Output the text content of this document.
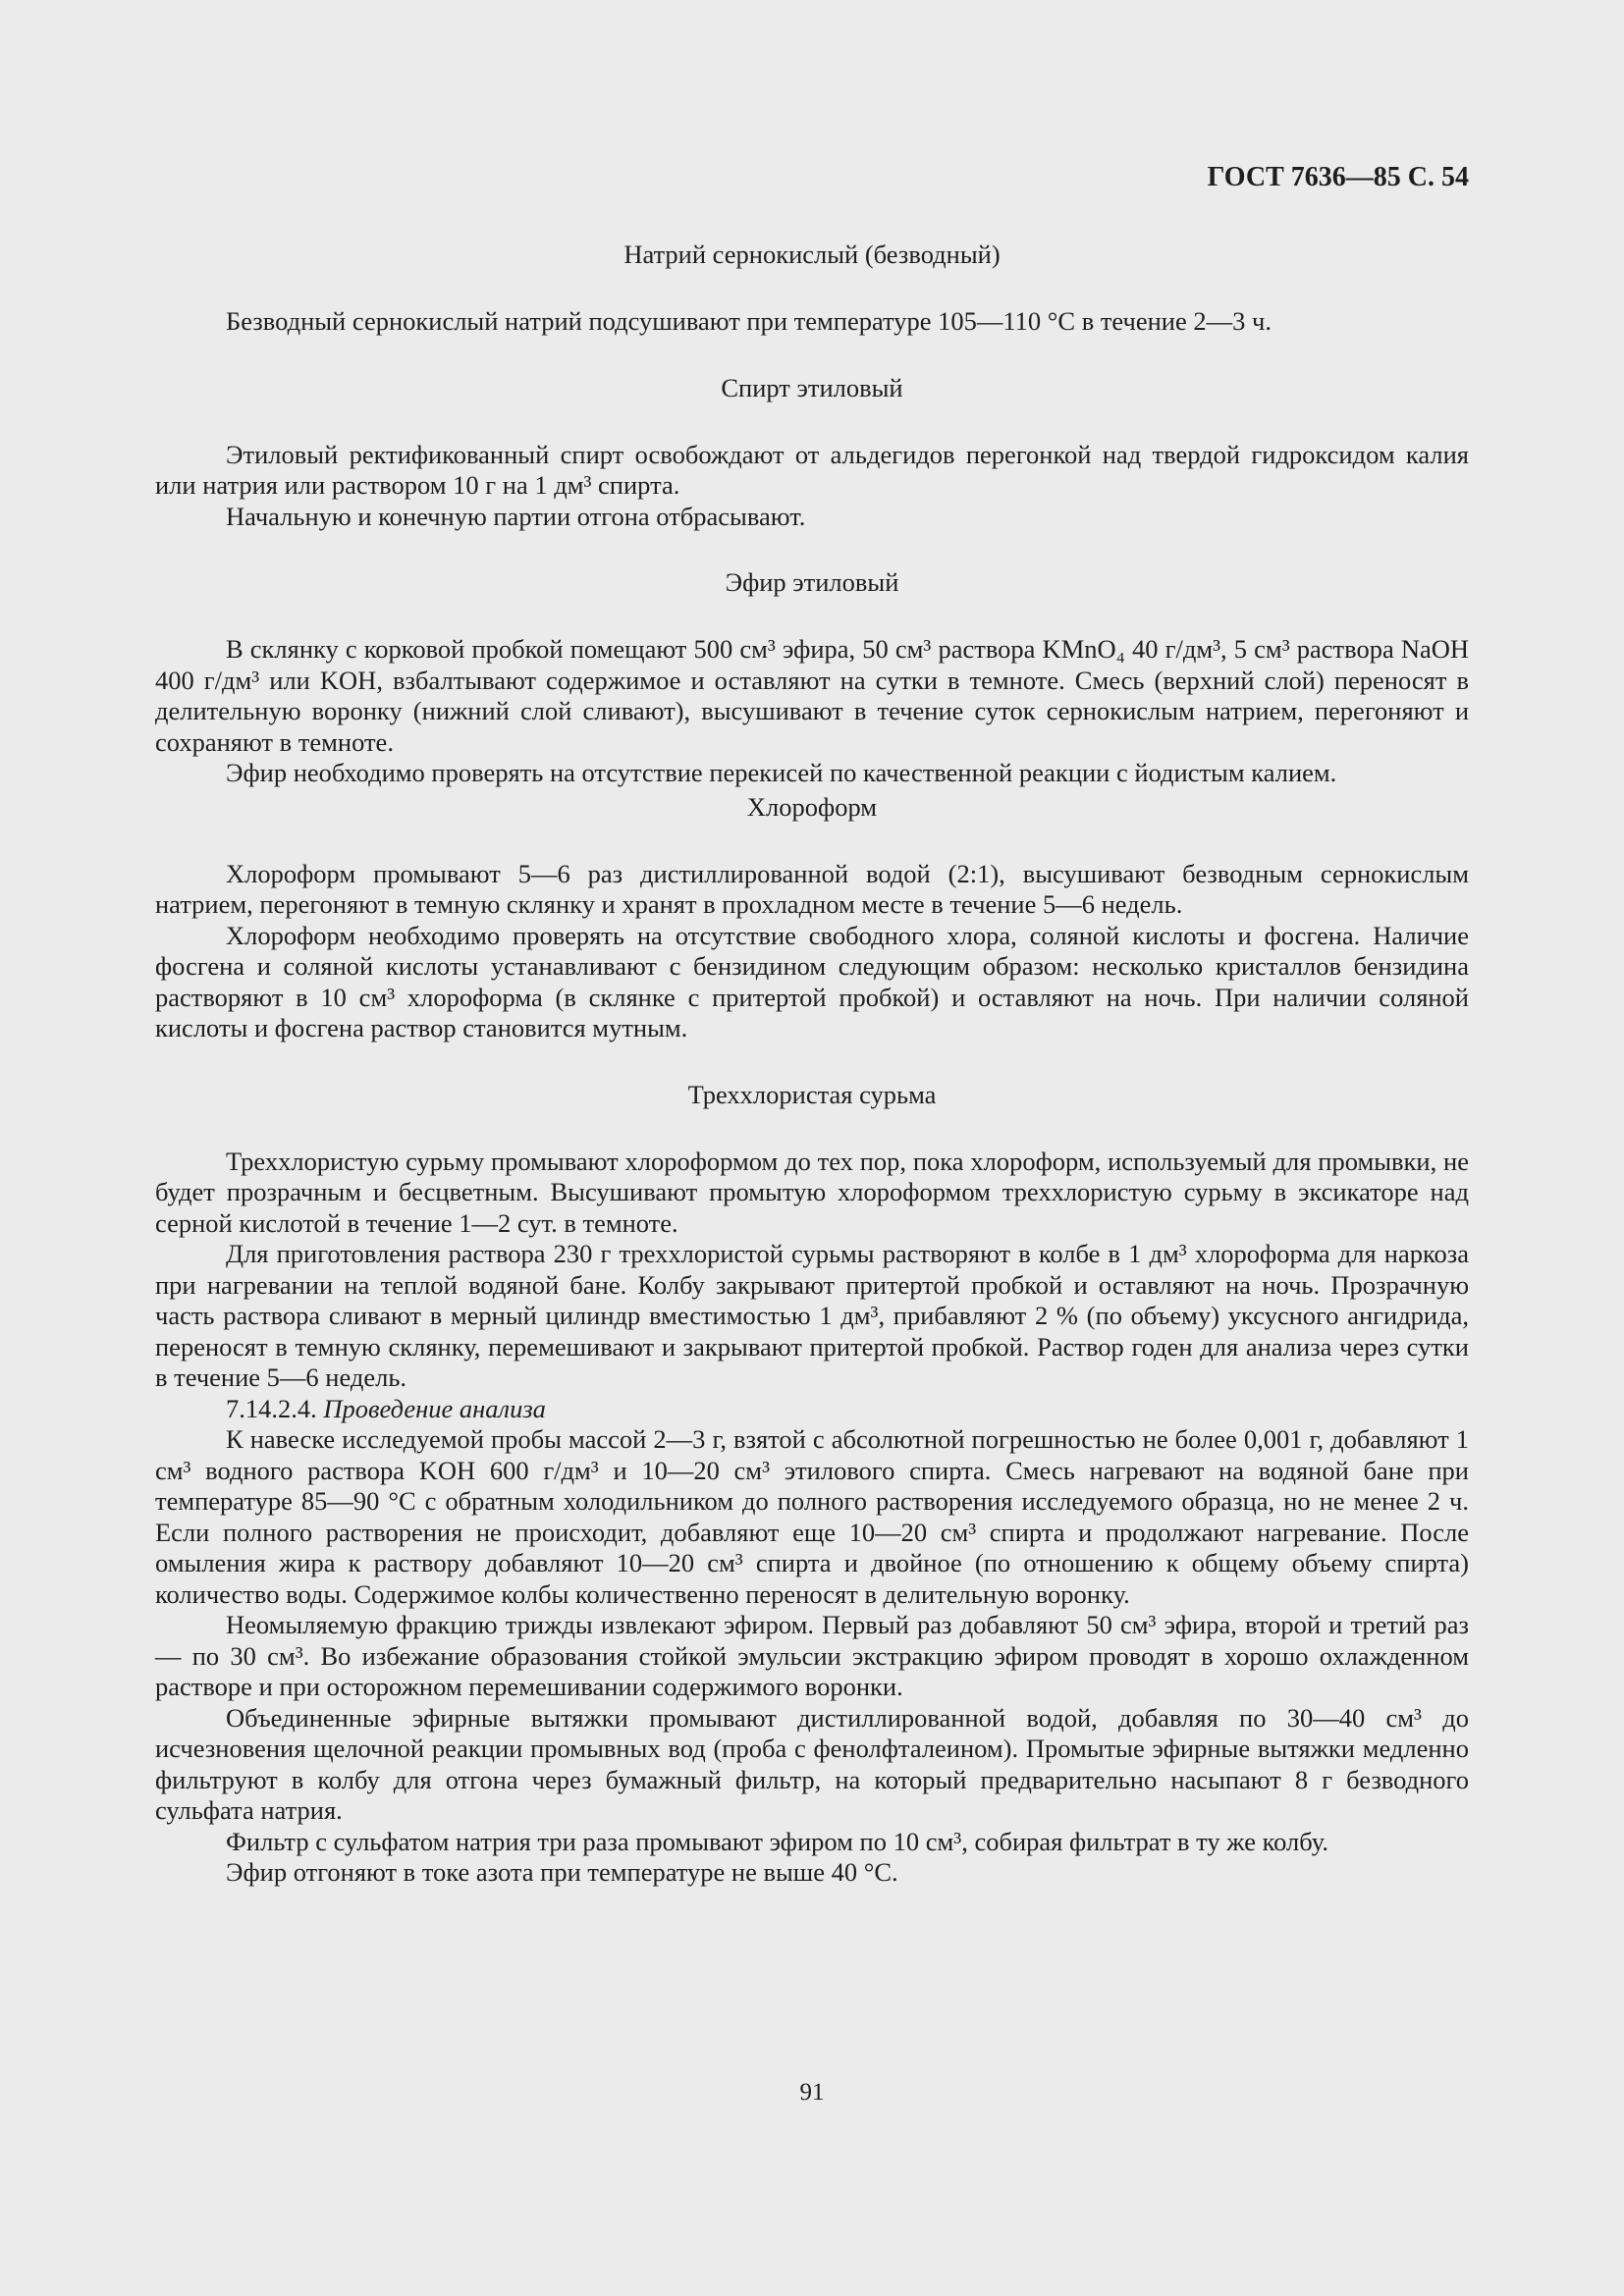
ГОСТ 7636—85 С. 54
Натрий сернокислый (безводный)

Безводный сернокислый натрий подсушивают при температуре 105—110 °С в течение 2—3 ч.

Спирт этиловый

Этиловый ректификованный спирт освобождают от альдегидов перегонкой над твердой гидроксидом калия или натрия или раствором 10 г на 1 дм³ спирта.

Начальную и конечную партии отгона отбрасывают.

Эфир этиловый

В склянку с корковой пробкой помещают 500 см³ эфира, 50 см³ раствора KMnO₄ 40 г/дм³, 5 см³ раствора NaOH 400 г/дм³ или KOH, взбалтывают содержимое и оставляют на сутки в темноте. Смесь (верхний слой) переносят в делительную воронку (нижний слой сливают), высушивают в течение суток сернокислым натрием, перегоняют и сохраняют в темноте.

Эфир необходимо проверять на отсутствие перекисей по качественной реакции с йодистым калием.

Хлороформ

Хлороформ промывают 5—6 раз дистиллированной водой (2:1), высушивают безводным сернокислым натрием, перегоняют в темную склянку и хранят в прохладном месте в течение 5—6 недель.

Хлороформ необходимо проверять на отсутствие свободного хлора, соляной кислоты и фосгена. Наличие фосгена и соляной кислоты устанавливают с бензидином следующим образом: несколько кристаллов бензидина растворяют в 10 см³ хлороформа (в склянке с притертой пробкой) и оставляют на ночь. При наличии соляной кислоты и фосгена раствор становится мутным.

Треххлористая сурьма

Треххлористую сурьму промывают хлороформом до тех пор, пока хлороформ, используемый для промывки, не будет прозрачным и бесцветным. Высушивают промытую хлороформом треххлористую сурьму в эксикаторе над серной кислотой в течение 1—2 сут. в темноте.

Для приготовления раствора 230 г треххлористой сурьмы растворяют в колбе в 1 дм³ хлороформа для наркоза при нагревании на теплой водяной бане. Колбу закрывают притертой пробкой и оставляют на ночь. Прозрачную часть раствора сливают в мерный цилиндр вместимостью 1 дм³, прибавляют 2 % (по объему) уксусного ангидрида, переносят в темную склянку, перемешивают и закрывают притертой пробкой. Раствор годен для анализа через сутки в течение 5—6 недель.

7.14.2.4. Проведение анализа

К навеске исследуемой пробы массой 2—3 г, взятой с абсолютной погрешностью не более 0,001 г, добавляют 1 см³ водного раствора KOH 600 г/дм³ и 10—20 см³ этилового спирта. Смесь нагревают на водяной бане при температуре 85—90 °С с обратным холодильником до полного растворения исследуемого образца, но не менее 2 ч. Если полного растворения не происходит, добавляют еще 10—20 см³ спирта и продолжают нагревание. После омыления жира к раствору добавляют 10—20 см³ спирта и двойное (по отношению к общему объему спирта) количество воды. Содержимое колбы количественно переносят в делительную воронку.

Неомыляемую фракцию трижды извлекают эфиром. Первый раз добавляют 50 см³ эфира, второй и третий раз — по 30 см³. Во избежание образования стойкой эмульсии экстракцию эфиром проводят в хорошо охлажденном растворе и при осторожном перемешивании содержимого воронки.

Объединенные эфирные вытяжки промывают дистиллированной водой, добавляя по 30—40 см³ до исчезновения щелочной реакции промывных вод (проба с фенолфталеином). Промытые эфирные вытяжки медленно фильтруют в колбу для отгона через бумажный фильтр, на который предварительно насыпают 8 г безводного сульфата натрия.

Фильтр с сульфатом натрия три раза промывают эфиром по 10 см³, собирая фильтрат в ту же колбу.

Эфир отгоняют в токе азота при температуре не выше 40 °С.

91
